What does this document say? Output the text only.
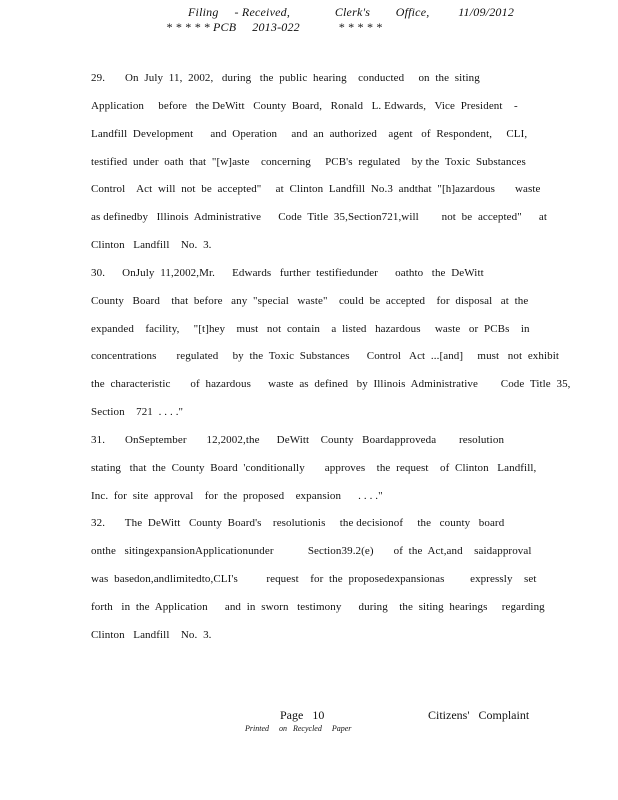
Filing     - Received,              Clerk's        Office,         11/09/2012
* * * * * PCB     2013-022            * * * * *
29.       On  July  11,  2002,   during   the  public  hearing    conducted     on  the  siting
Application     before   the DeWitt   County  Board,   Ronald   L. Edwards,   Vice  President    -
Landfill  Development      and  Operation     and  an  authorized    agent   of  Respondent,     CLI,
testified  under  oath  that  "[w]aste    concerning     PCB's  regulated    by the  Toxic  Substances
Control    Act  will  not  be  accepted"     at  Clinton  Landfill  No.3  andthat  "[h]azardous       waste
as definedby   Illinois  Administrative      Code  Title  35,Section721,will        not  be  accepted"      at
Clinton   Landfill    No.  3.
30.      OnJuly  11,2002,Mr.      Edwards   further  testifiedunder      oathto   the  DeWitt
County   Board    that  before   any  "special   waste"    could  be  accepted    for  disposal   at  the
expanded    facility,     "[t]hey    must   not  contain    a  listed   hazardous     waste   or  PCBs    in
concentrations       regulated     by  the  Toxic  Substances      Control   Act  ...[and]     must   not  exhibit
the  characteristic       of  hazardous      waste  as  defined   by  Illinois  Administrative        Code  Title  35,
Section    721  . . . ."
31.       OnSeptember       12,2002,the      DeWitt    County   Boardapproveda        resolution
stating   that  the  County  Board  'conditionally       approves    the  request    of  Clinton   Landfill,
Inc.  for  site  approval    for  the  proposed    expansion      . . . ."
32.       The  DeWitt   County  Board's    resolutionis     the decisionof     the   county   board
onthe   sitingexpansionApplicationunder            Section39.2(e)       of  the  Act,and    saidapproval
was  basedon,andlimitedto,CLI's          request    for  the  proposedexpansionas         expressly    set
forth   in  the  Application      and  in  sworn   testimony      during    the  siting  hearings     regarding
Clinton   Landfill    No.  3.
Page   10	Citizens'   Complaint
Printed     on   Recycled     Paper
